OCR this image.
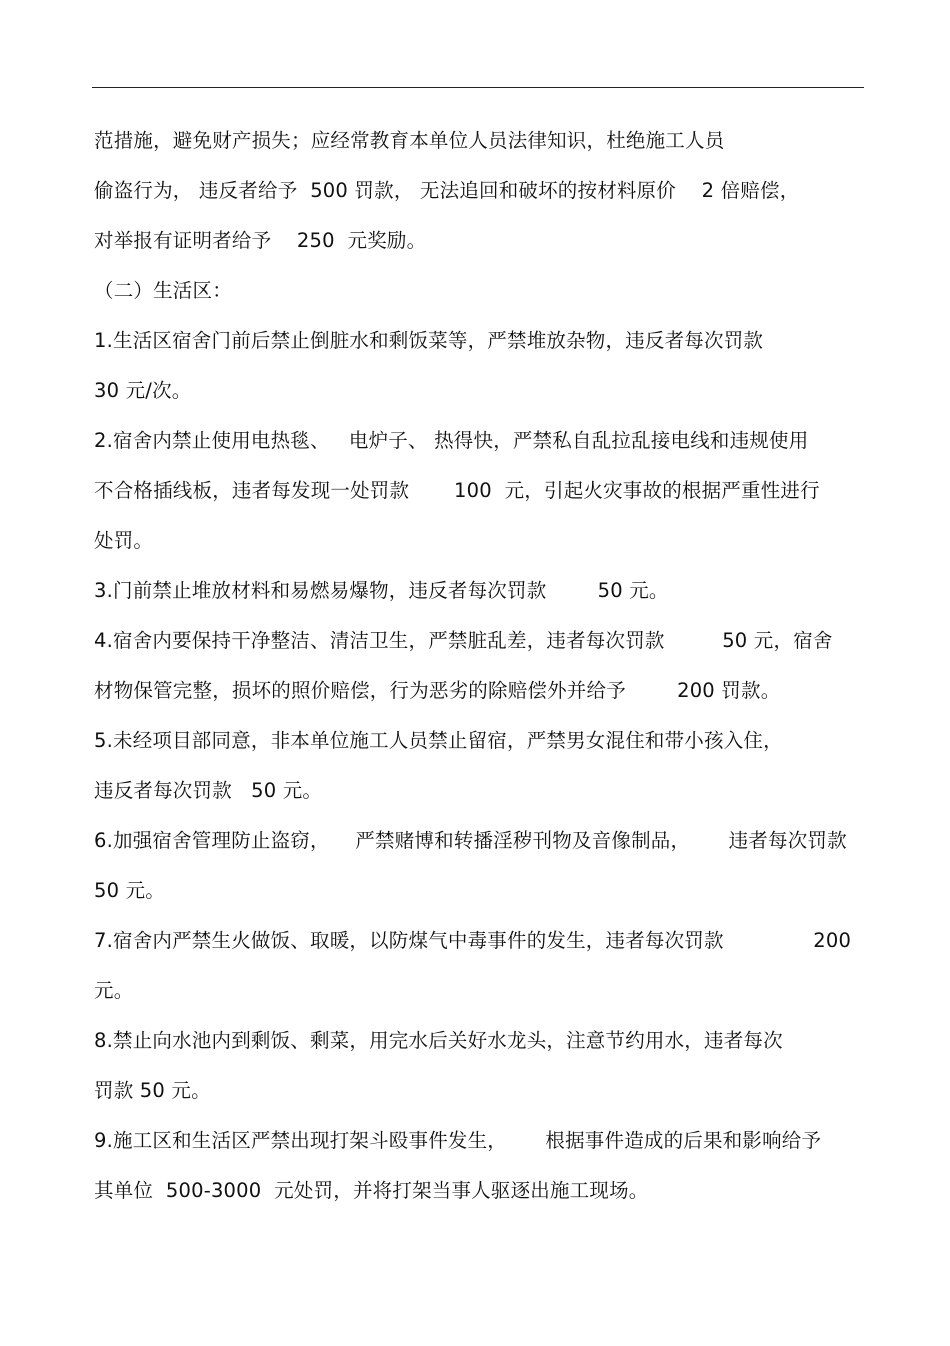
范措施，避免财产损失；应经常教育本单位人员法律知识，杜绝施工人员
偷盗行为， 违反者给予  500 罚款， 无法追回和破坏的按材料原价    2 倍赔偿，
对举报有证明者给予    250  元奖励。
（二）生活区：
1.生活区宿舍门前后禁止倒脏水和剩饭菜等，严禁堆放杂物，违反者每次罚款
30 元/次。
2.宿舍内禁止使用电热毯、   电炉子、 热得快，严禁私自乱拉乱接电线和违规使用
不合格插线板，违者每发现一处罚款       100  元，引起火灾事故的根据严重性进行
处罚。
3.门前禁止堆放材料和易燃易爆物，违反者每次罚款        50 元。
4.宿舍内要保持干净整洁、清洁卫生，严禁脏乱差，违者每次罚款         50 元，宿舍
材物保管完整，损坏的照价赔偿，行为恶劣的除赔偿外并给予        200 罚款。
5.未经项目部同意，非本单位施工人员禁止留宿，严禁男女混住和带小孩入住，
违反者每次罚款   50 元。
6.加强宿舍管理防止盗窃，    严禁赌博和转播淫秽刊物及音像制品，      违者每次罚款
50 元。
7.宿舍内严禁生火做饭、取暖，以防煤气中毒事件的发生，违者每次罚款              200
元。
8.禁止向水池内到剩饭、剩菜，用完水后关好水龙头，注意节约用水，违者每次
罚款 50 元。
9.施工区和生活区严禁出现打架斗殴事件发生，      根据事件造成的后果和影响给予
其单位  500-3000  元处罚，并将打架当事人驱逐出施工现场。
